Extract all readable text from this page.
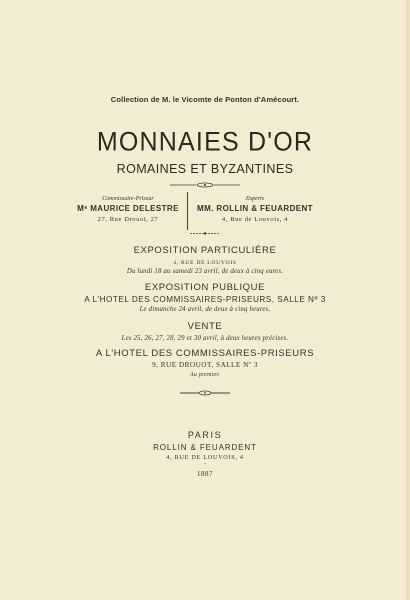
Collection de M. le Vicomte de Ponton d'Amécourt.
MONNAIES D'OR
ROMAINES ET BYZANTINES
Commissaire-Priseur
Mᵉ MAURICE DELESTRE
27, Rue Drouot, 27
Experts
MM. ROLLIN & FEUARDENT
4, Rue de Louvois, 4
EXPOSITION PARTICULIÈRE
4, RUE DE LOUVOIS
Du lundi 18 au samedi 23 avril, de deux à cinq eures.
EXPOSITION PUBLIQUE
A L'HOTEL DES COMMISSAIRES-PRISEURS, SALLE Nº 3
Le dimanche 24 avril, de deux à cinq heures.
VENTE
Les 25, 26, 27, 28, 29 et 30 avril, à deux heures précises.
A L'HOTEL DES COMMISSAIRES-PRISEURS
9, RUE DROUOT, SALLE Nº 3
Au premier.
PARIS
ROLLIN & FEUARDENT
4, RUE DE LOUVOIS, 4
–
1887
